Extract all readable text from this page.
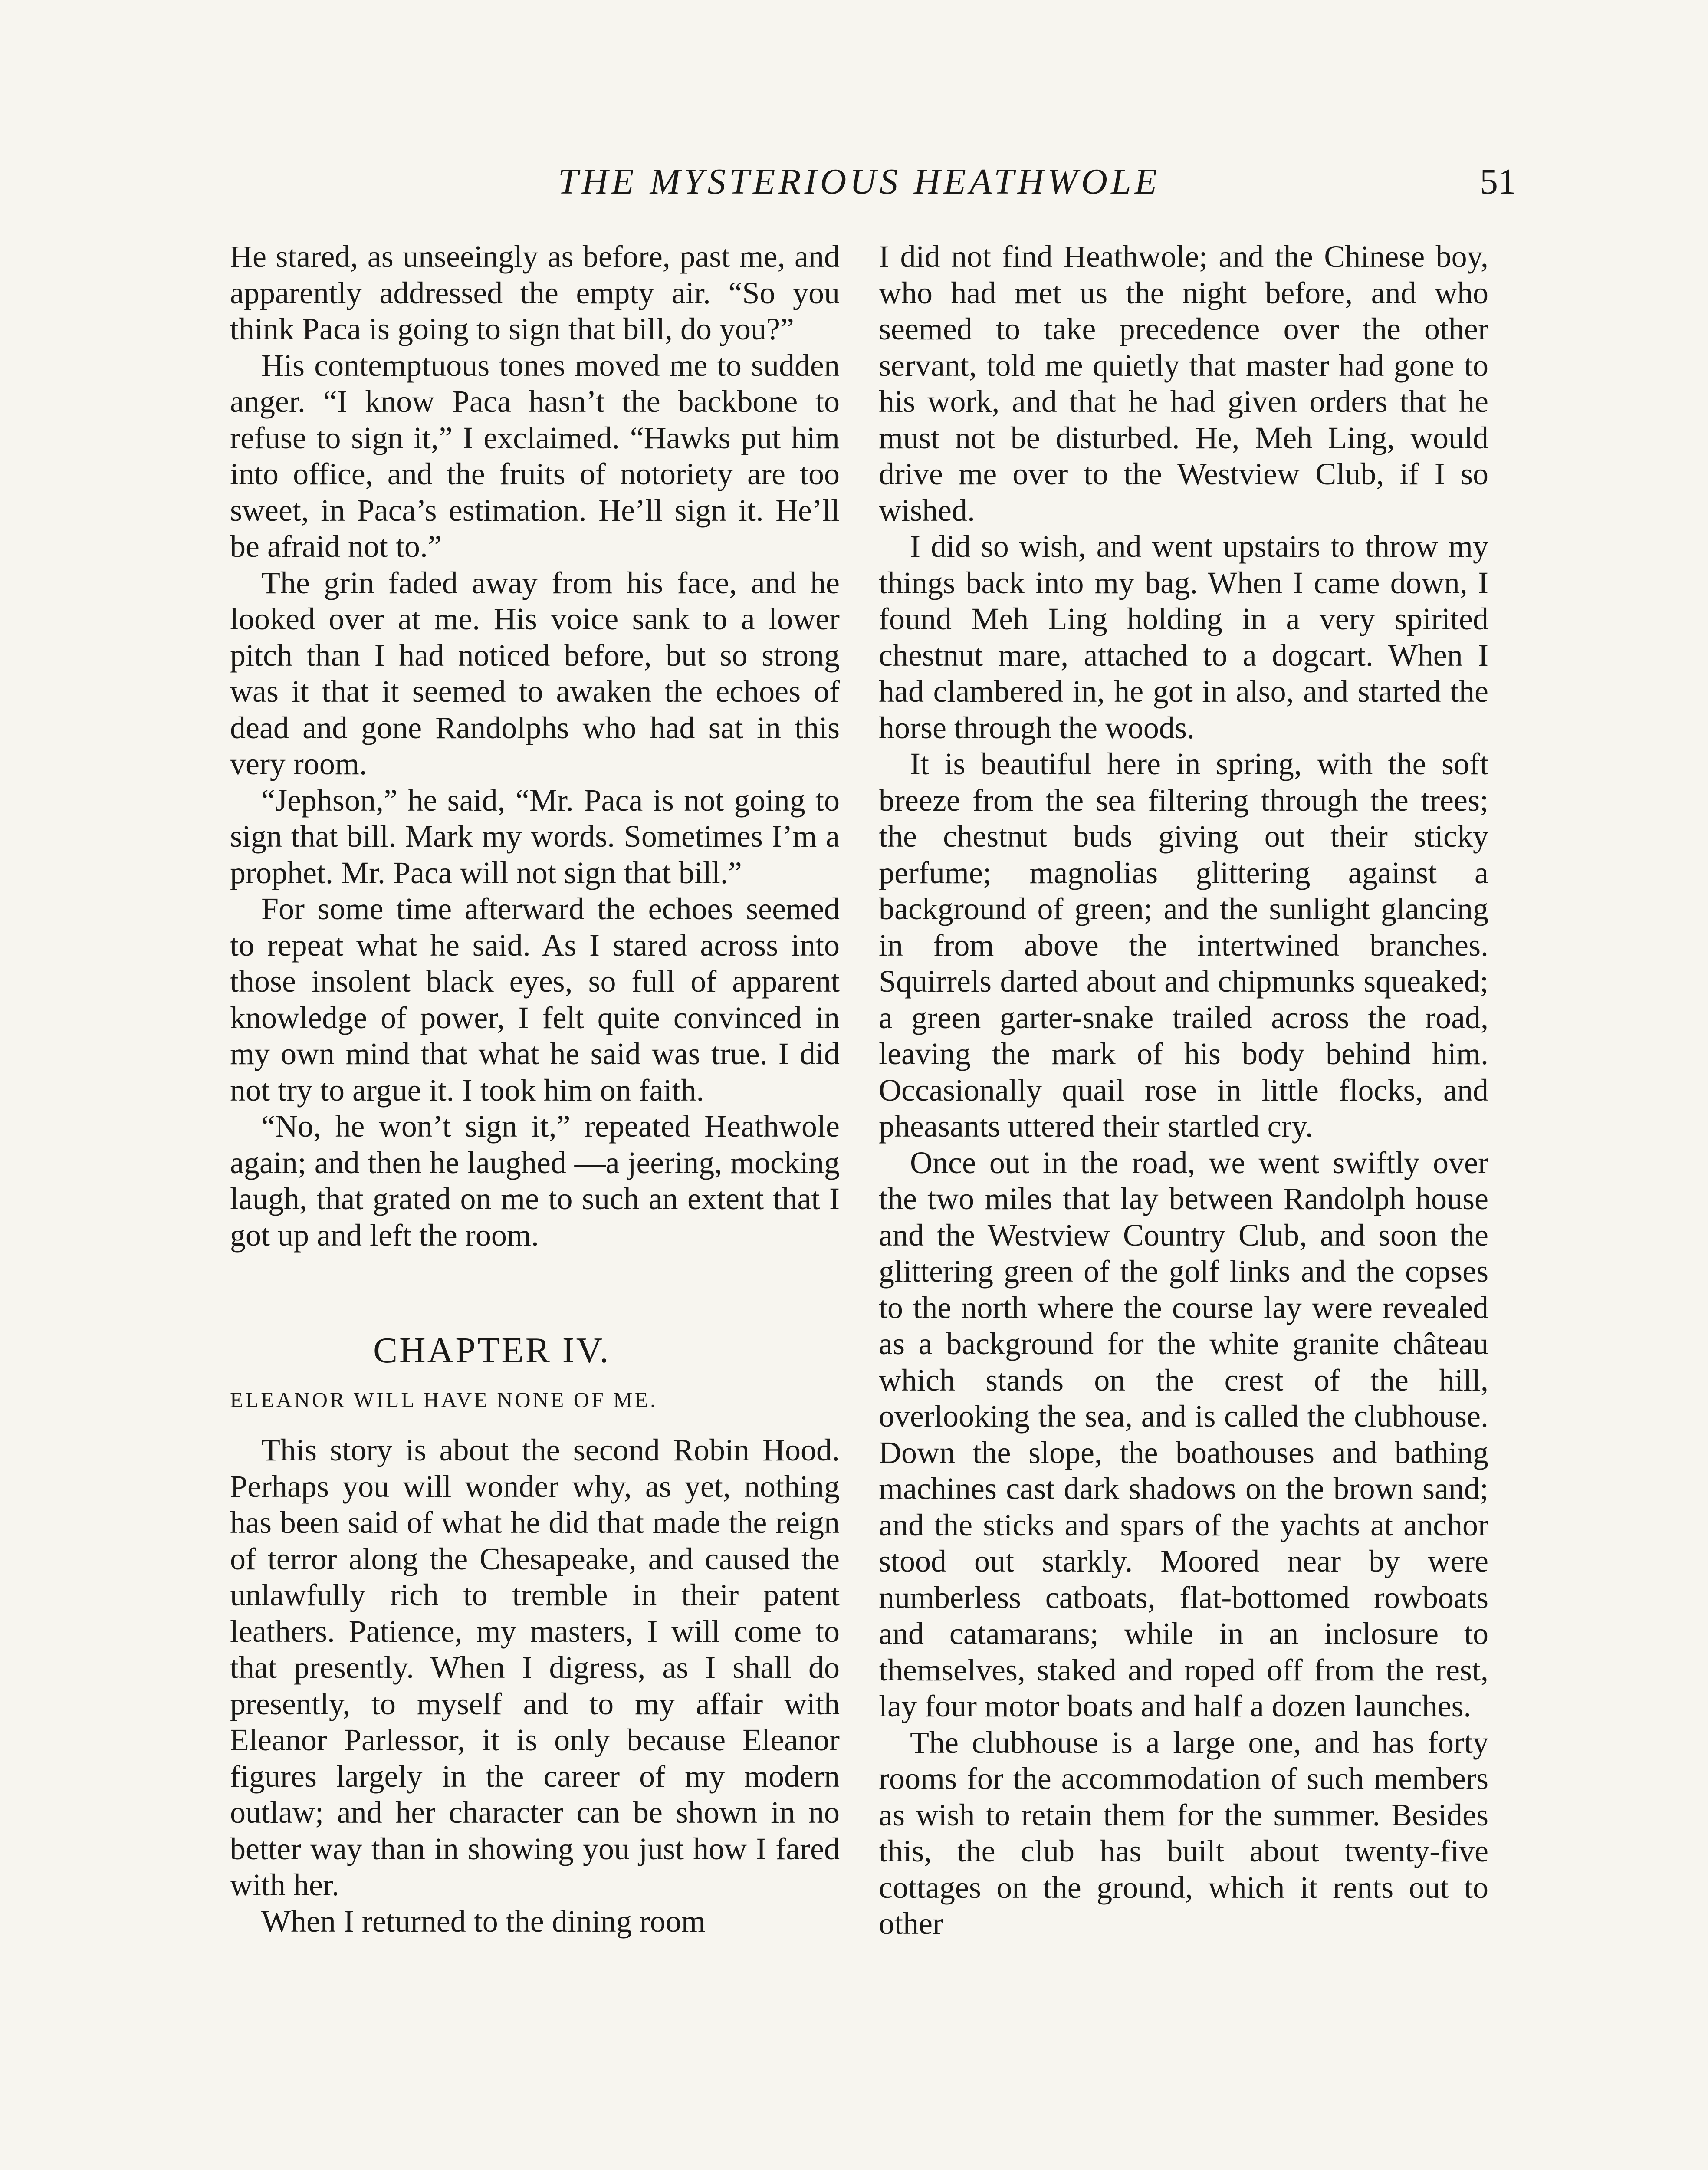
THE MYSTERIOUS HEATHWOLE	51

He stared, as unseeingly as before, past me, and apparently addressed the empty air. “So you think Paca is going to sign that bill, do you?”

His contemptuous tones moved me to sudden anger. “I know Paca hasn’t the backbone to refuse to sign it,” I exclaimed. “Hawks put him into office, and the fruits of notoriety are too sweet, in Paca’s estimation. He’ll sign it. He’ll be afraid not to.”

The grin faded away from his face, and he looked over at me. His voice sank to a lower pitch than I had noticed before, but so strong was it that it seemed to awaken the echoes of dead and gone Randolphs who had sat in this very room.

“Jephson,” he said, “Mr. Paca is not going to sign that bill. Mark my words. Sometimes I’m a prophet. Mr. Paca will not sign that bill.”

For some time afterward the echoes seemed to repeat what he said. As I stared across into those insolent black eyes, so full of apparent knowledge of power, I felt quite convinced in my own mind that what he said was true. I did not try to argue it. I took him on faith.

“No, he won’t sign it,” repeated Heathwole again; and then he laughed —a jeering, mocking laugh, that grated on me to such an extent that I got up and left the room.

CHAPTER IV.
ELEANOR WILL HAVE NONE OF ME.

This story is about the second Robin Hood. Perhaps you will wonder why, as yet, nothing has been said of what he did that made the reign of terror along the Chesapeake, and caused the unlawfully rich to tremble in their patent leathers. Patience, my masters, I will come to that presently. When I digress, as I shall do presently, to myself and to my affair with Eleanor Parlessor, it is only because Eleanor figures largely in the career of my modern outlaw; and her character can be shown in no better way than in showing you just how I fared with her.

When I returned to the dining room

I did not find Heathwole; and the Chinese boy, who had met us the night before, and who seemed to take precedence over the other servant, told me quietly that master had gone to his work, and that he had given orders that he must not be disturbed. He, Meh Ling, would drive me over to the Westview Club, if I so wished.

I did so wish, and went upstairs to throw my things back into my bag. When I came down, I found Meh Ling holding in a very spirited chestnut mare, attached to a dogcart. When I had clambered in, he got in also, and started the horse through the woods.

It is beautiful here in spring, with the soft breeze from the sea filtering through the trees; the chestnut buds giving out their sticky perfume; magnolias glittering against a background of green; and the sunlight glancing in from above the intertwined branches. Squirrels darted about and chipmunks squeaked; a green garter-snake trailed across the road, leaving the mark of his body behind him. Occasionally quail rose in little flocks, and pheasants uttered their startled cry.

Once out in the road, we went swiftly over the two miles that lay between Randolph house and the Westview Country Club, and soon the glittering green of the golf links and the copses to the north where the course lay were revealed as a background for the white granite château which stands on the crest of the hill, overlooking the sea, and is called the clubhouse. Down the slope, the boathouses and bathing machines cast dark shadows on the brown sand; and the sticks and spars of the yachts at anchor stood out starkly. Moored near by were numberless catboats, flat-bottomed rowboats and catamarans; while in an inclosure to themselves, staked and roped off from the rest, lay four motor boats and half a dozen launches.

The clubhouse is a large one, and has forty rooms for the accommodation of such members as wish to retain them for the summer. Besides this, the club has built about twenty-five cottages on the ground, which it rents out to other
